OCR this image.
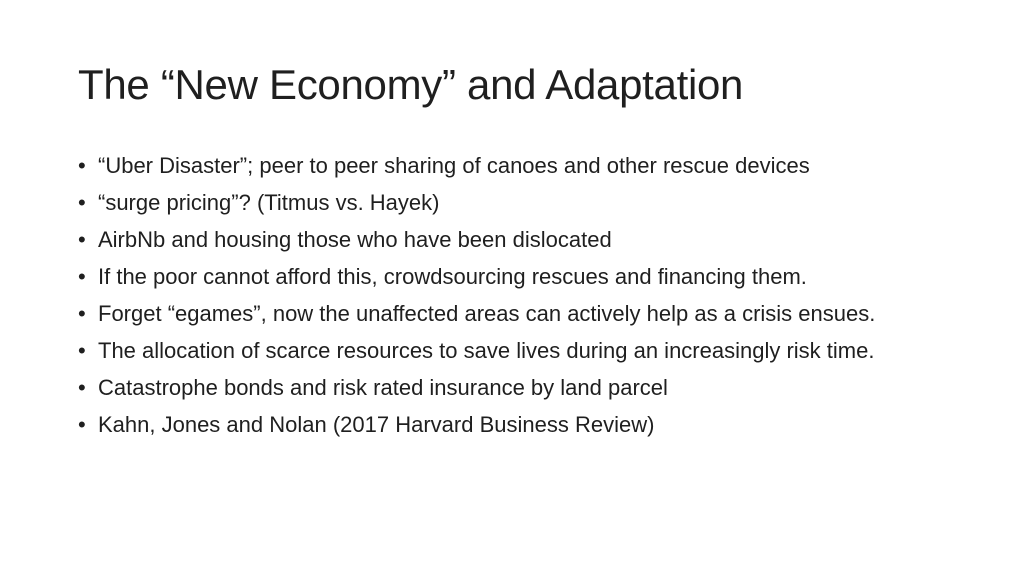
The “New Economy” and Adaptation
• “Uber Disaster”; peer to peer sharing of canoes and other rescue devices
• “surge pricing”? (Titmus vs. Hayek)
• AirbNb and housing those who have been dislocated
• If the poor cannot afford this, crowdsourcing rescues and financing them.
• Forget “egames”, now the unaffected areas can actively help as a crisis ensues.
• The allocation of scarce resources to save lives during an increasingly risk time.
• Catastrophe bonds and risk rated insurance by land parcel
• Kahn, Jones and Nolan (2017 Harvard Business Review)
